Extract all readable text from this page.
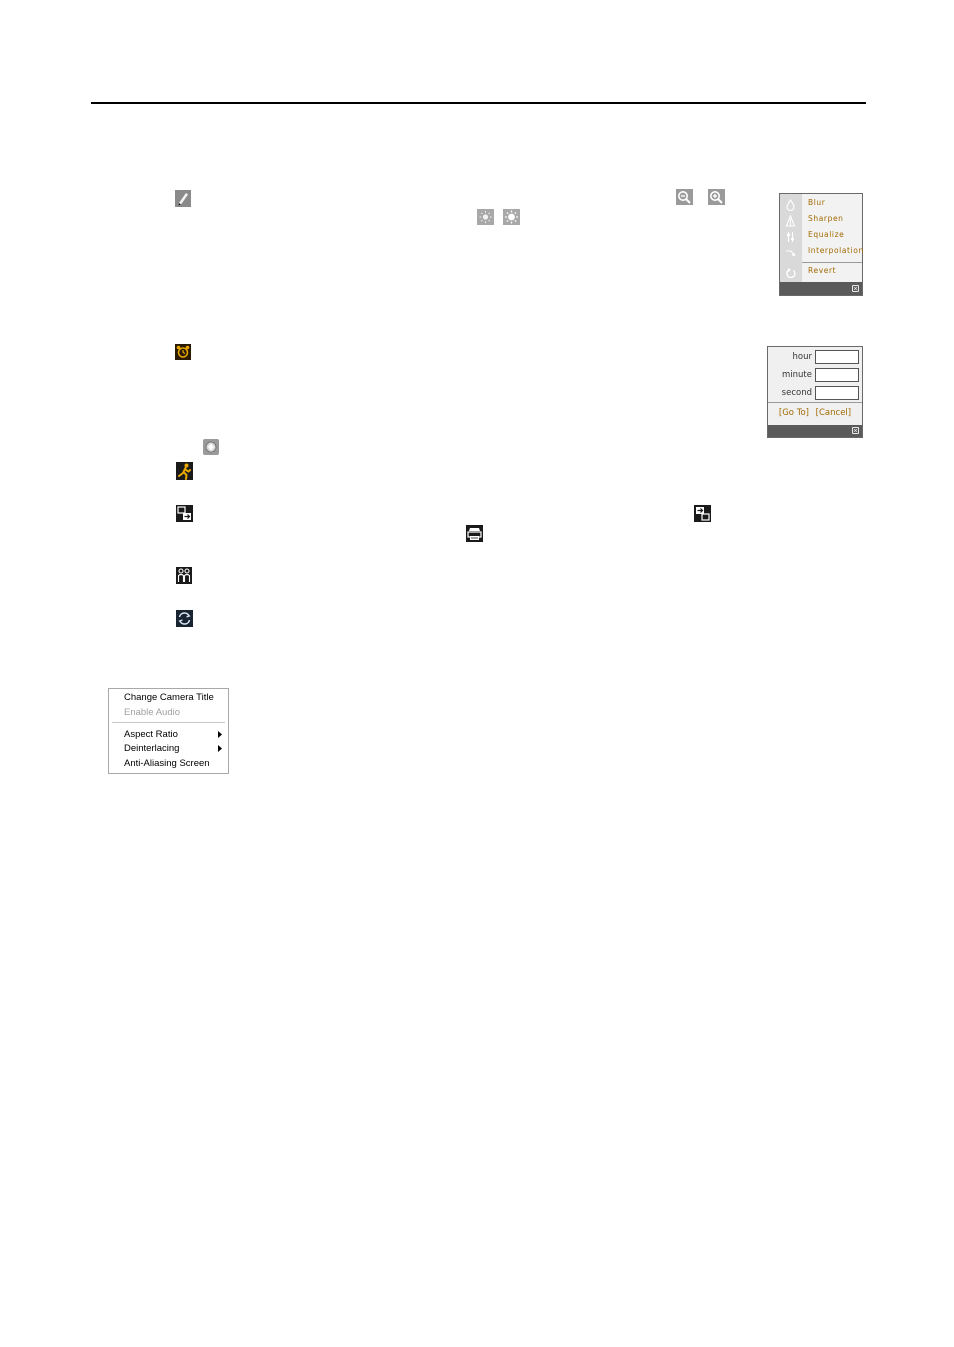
Blur
Sharpen
Equalize
Interpolation
Revert
hour
minute
second
[Go To] [Cancel]
Change Camera Title
Enable Audio
Aspect Ratio
Deinterlacing
Anti-Aliasing Screen
